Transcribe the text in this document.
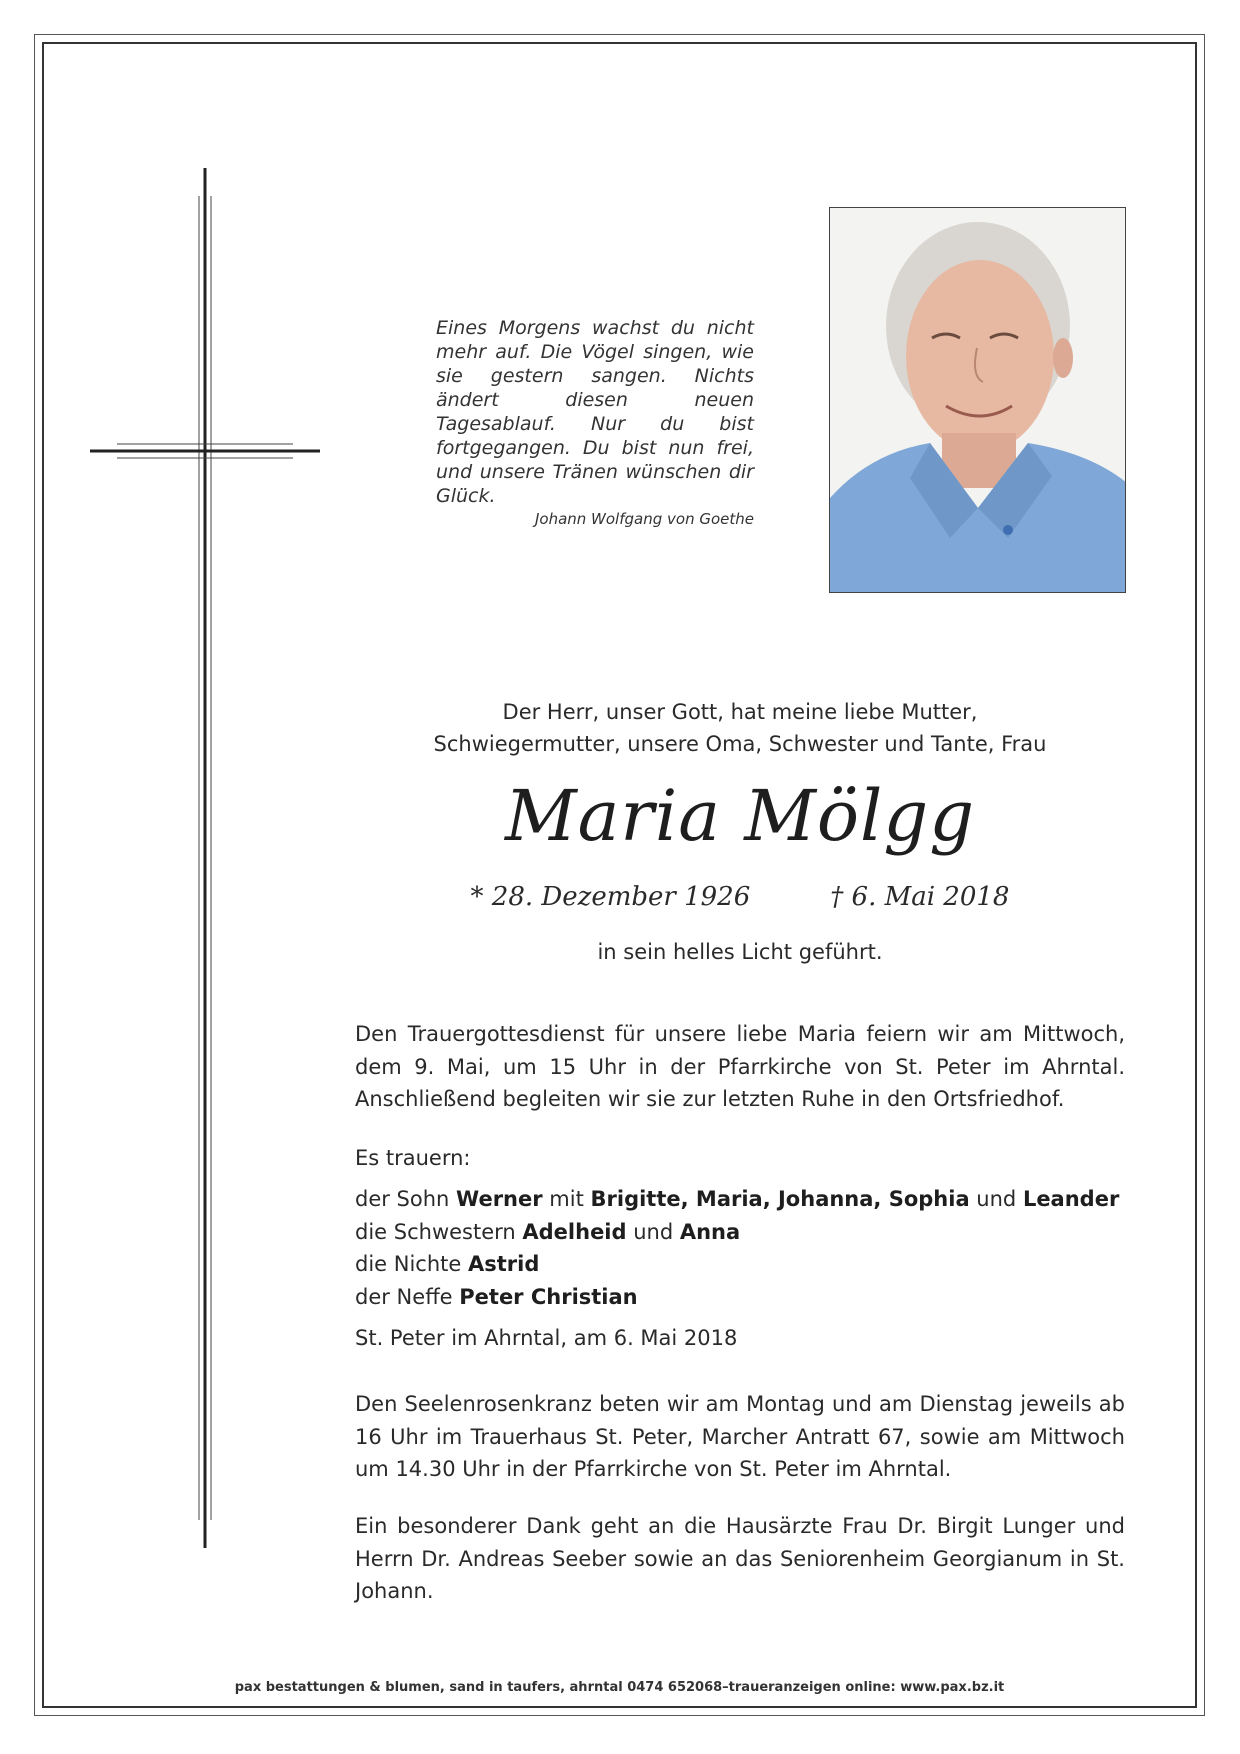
Eines Morgens wachst du nicht mehr auf. Die Vögel singen, wie sie gestern sangen. Nichts ändert diesen neuen Tagesablauf. Nur du bist fortgegangen. Du bist nun frei, und unsere Tränen wünschen dir Glück.
Johann Wolfgang von Goethe
Der Herr, unser Gott, hat meine liebe Mutter,
Schwiegermutter, unsere Oma, Schwester und Tante, Frau
Maria Mölgg
* 28. Dezember 1926	† 6. Mai 2018
in sein helles Licht geführt.
Den Trauergottesdienst für unsere liebe Maria feiern wir am Mittwoch, dem 9. Mai, um 15 Uhr in der Pfarrkirche von St. Peter im Ahrntal. Anschließend begleiten wir sie zur letzten Ruhe in den Ortsfriedhof.
Es trauern:
der Sohn Werner mit Brigitte, Maria, Johanna, Sophia und Leander
die Schwestern Adelheid und Anna
die Nichte Astrid
der Neffe Peter Christian
St. Peter im Ahrntal, am 6. Mai 2018
Den Seelenrosenkranz beten wir am Montag und am Dienstag jeweils ab 16 Uhr im Trauerhaus St. Peter, Marcher Antratt 67, sowie am Mittwoch um 14.30 Uhr in der Pfarrkirche von St. Peter im Ahrntal.
Ein besonderer Dank geht an die Hausärzte Frau Dr. Birgit Lunger und Herrn Dr. Andreas Seeber sowie an das Seniorenheim Georgianum in St. Johann.
pax bestattungen & blumen, sand in taufers, ahrntal 0474 652068–traueranzeigen online: www.pax.bz.it
